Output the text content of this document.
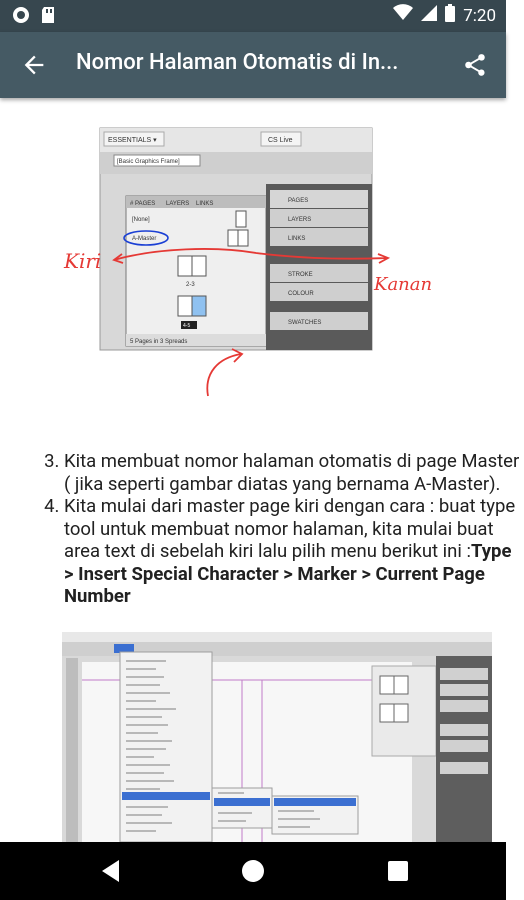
7:20
Nomor Halaman Otomatis di In...
ESSENTIALS ▾	CS Live
[Basic Graphics Frame]
# PAGES LAYERS LINKS
[None]
A-Master
2-3
4-5
5 Pages in 3 Spreads
PAGES
LAYERS
LINKS
STROKE
COLOUR
SWATCHES
Kiri
Kanan
3. Kita membuat nomor halaman otomatis di page Master ( jika seperti gambar diatas yang bernama A-Master).
4. Kita mulai dari master page kiri dengan cara : buat type tool untuk membuat nomor halaman, kita mulai buat area text di sebelah kiri lalu pilih menu berikut ini :Type > Insert Special Character > Marker > Current Page Number
